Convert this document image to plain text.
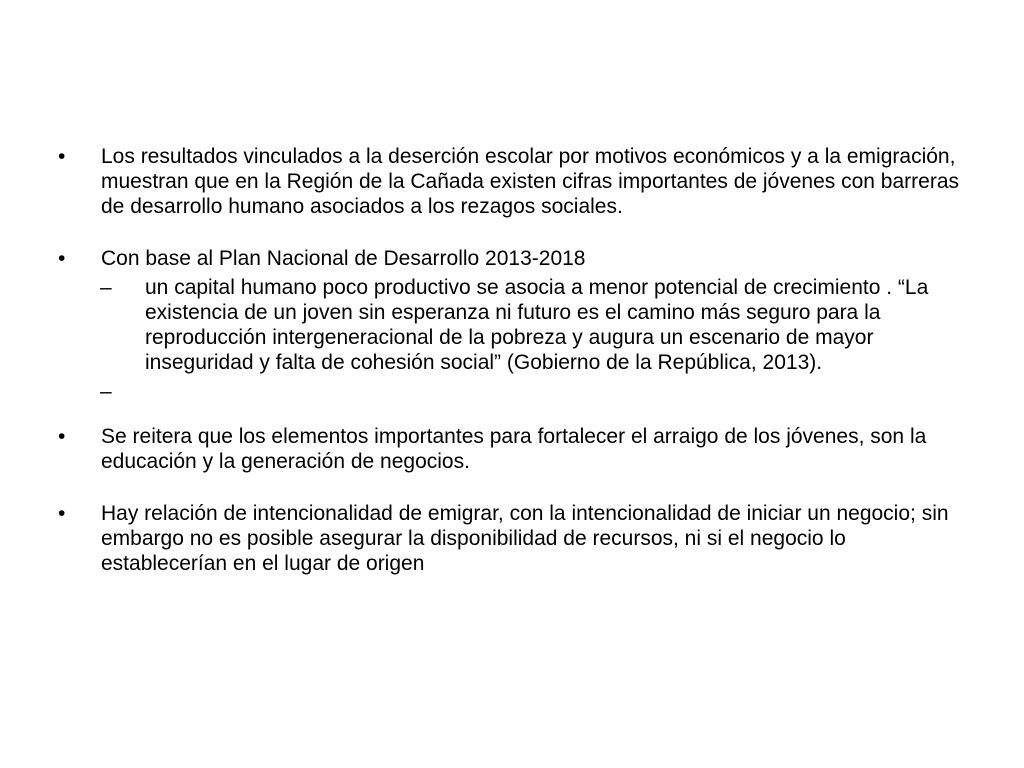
•	Los resultados vinculados a la deserción escolar por motivos económicos y a la emigración, muestran que en la Región de la Cañada existen cifras importantes de jóvenes con barreras de desarrollo humano asociados a los rezagos sociales.
•	Con base al Plan Nacional de Desarrollo 2013-2018
–	un capital humano poco productivo se asocia a menor potencial de crecimiento . “La existencia de un joven sin esperanza ni futuro es el camino más seguro para la reproducción intergeneracional de la pobreza y augura un escenario de mayor inseguridad y falta de cohesión social” (Gobierno de la República, 2013).
–
•	Se reitera que los elementos importantes para fortalecer el arraigo de los jóvenes, son la educación y la generación de negocios.
•	Hay relación de intencionalidad de emigrar, con la intencionalidad de iniciar un negocio; sin embargo no es posible asegurar la disponibilidad de recursos, ni si el negocio lo establecerían en el lugar de origen
